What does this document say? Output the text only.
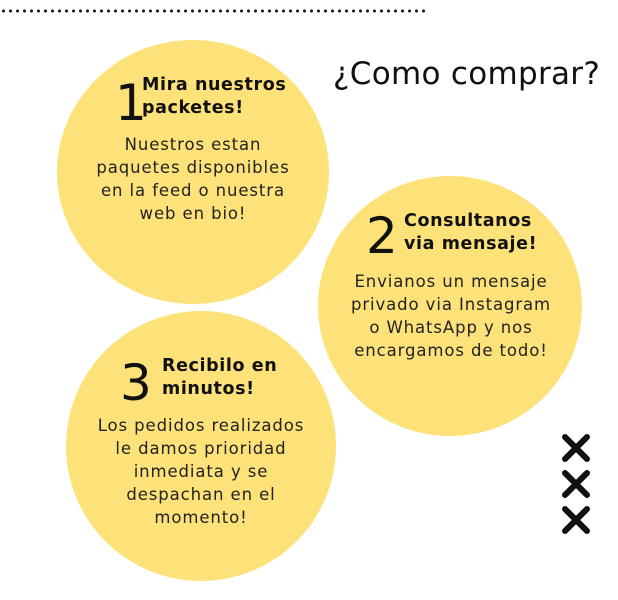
¿Como comprar?
1
Mira nuestros
packetes!
Nuestros estan
paquetes disponibles
en la feed o nuestra
web en bio!	2 Consultanos
via mensaje!
Envianos un mensaje
privado via Instagram
o WhatsApp y nos
encargamos de todo!
3 Recibilo en
minutos!
Los pedidos realizados
le damos prioridad
inmediata y se
despachan en el
momento!
